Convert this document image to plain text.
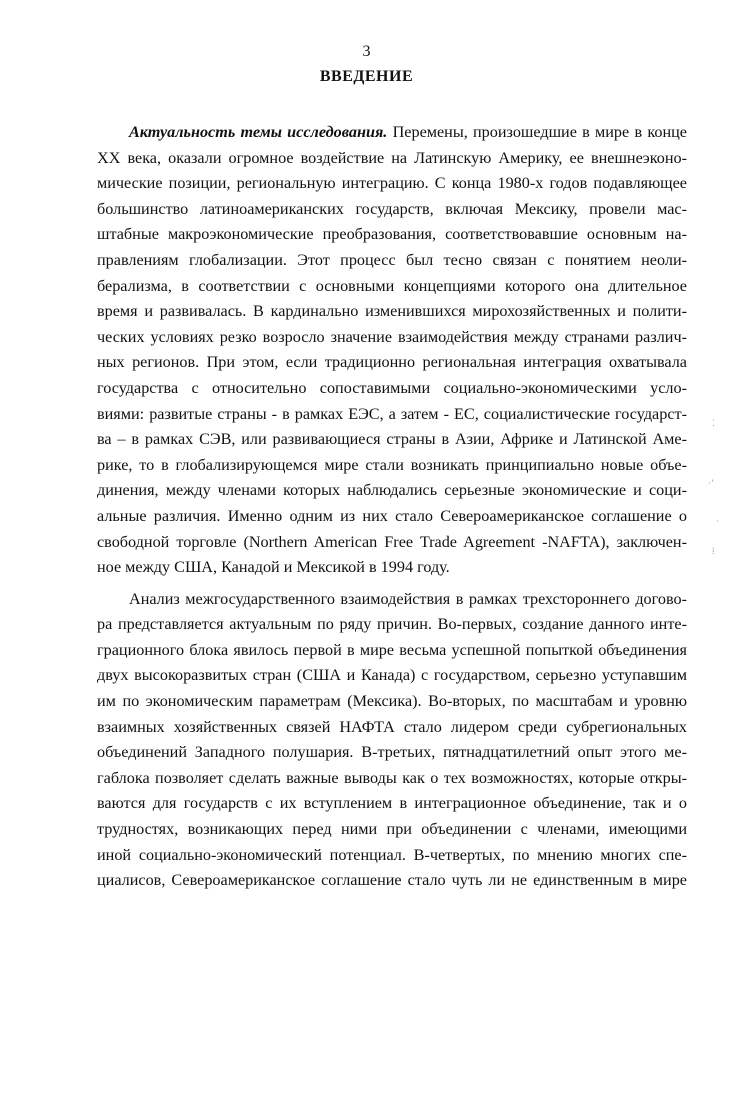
3
ВВЕДЕНИЕ
Актуальность темы исследования. Перемены, произошедшие в мире в конце
XX века, оказали огромное воздействие на Латинскую Америку, ее внешнеэконо-
мические позиции, региональную интеграцию. С конца 1980-х годов подавляющее
большинство латиноамериканских государств, включая Мексику, провели мас-
штабные макроэкономические преобразования, соответствовавшие основным на-
правлениям глобализации. Этот процесс был тесно связан с понятием неоли-
берализма, в соответствии с основными концепциями которого она длительное
время и развивалась. В кардинально изменившихся мирохозяйственных и полити-
ческих условиях резко возросло значение взаимодействия между странами различ-
ных регионов. При этом, если традиционно региональная интеграция охватывала
государства с относительно сопоставимыми социально-экономическими усло-
виями: развитые страны - в рамках ЕЭС, а затем - ЕС, социалистические государст-
ва – в рамках СЭВ, или развивающиеся страны в Азии, Африке и Латинской Аме-
рике, то в глобализирующемся мире стали возникать принципиально новые объе-
динения, между членами которых наблюдались серьезные экономические и соци-
альные различия. Именно одним из них стало Североамериканское соглашение о
свободной торговле (Northern American Free Trade Agreement -NAFTA), заключен-
ное между США, Канадой и Мексикой в 1994 году.
Анализ межгосударственного взаимодействия в рамках трехстороннего догово-
ра представляется актуальным по ряду причин. Во-первых, создание данного инте-
грационного блока явилось первой в мире весьма успешной попыткой объединения
двух высокоразвитых стран (США и Канада) с государством, серьезно уступавшим
им по экономическим параметрам (Мексика). Во-вторых, по масштабам и уровню
взаимных хозяйственных связей НАФТА стало лидером среди субрегиональных
объединений Западного полушария. В-третьих, пятнадцатилетний опыт этого ме-
габлока позволяет сделать важные выводы как о тех возможностях, которые откры-
ваются для государств с их вступлением в интеграционное объединение, так и о
трудностях, возникающих перед ними при объединении с членами, имеющими
иной социально-экономический потенциал. В-четвертых, по мнению многих спе-
циалисов, Североамериканское соглашение стало чуть ли не единственным в мире
⁚
·’
·
⁞
